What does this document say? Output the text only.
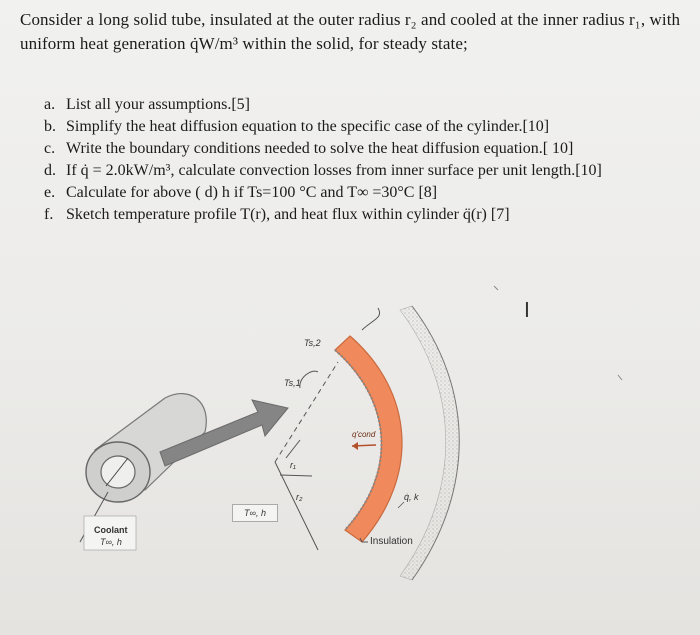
Consider a long solid tube, insulated at the outer radius r₂ and cooled at the inner radius r₁, with uniform heat generation q̇W/m³ within the solid, for steady state;
a. List all your assumptions.[5]
b. Simplify the heat diffusion equation to the specific case of the cylinder.[10]
c. Write the boundary conditions needed to solve the heat diffusion equation.[ 10]
d. If q̇ = 2.0kW/m³, calculate convection losses from inner surface per unit length.[10]
e. Calculate for above ( d) h if Ts=100 °C and T∞ =30°C [8]
f. Sketch temperature profile T(r), and heat flux within cylinder q̈(r) [7]
I
Coolant
T∞, h
T∞, h
Ts,2
Ts,1
q'cond
r₁
r₂	q̇, k
Insulation
